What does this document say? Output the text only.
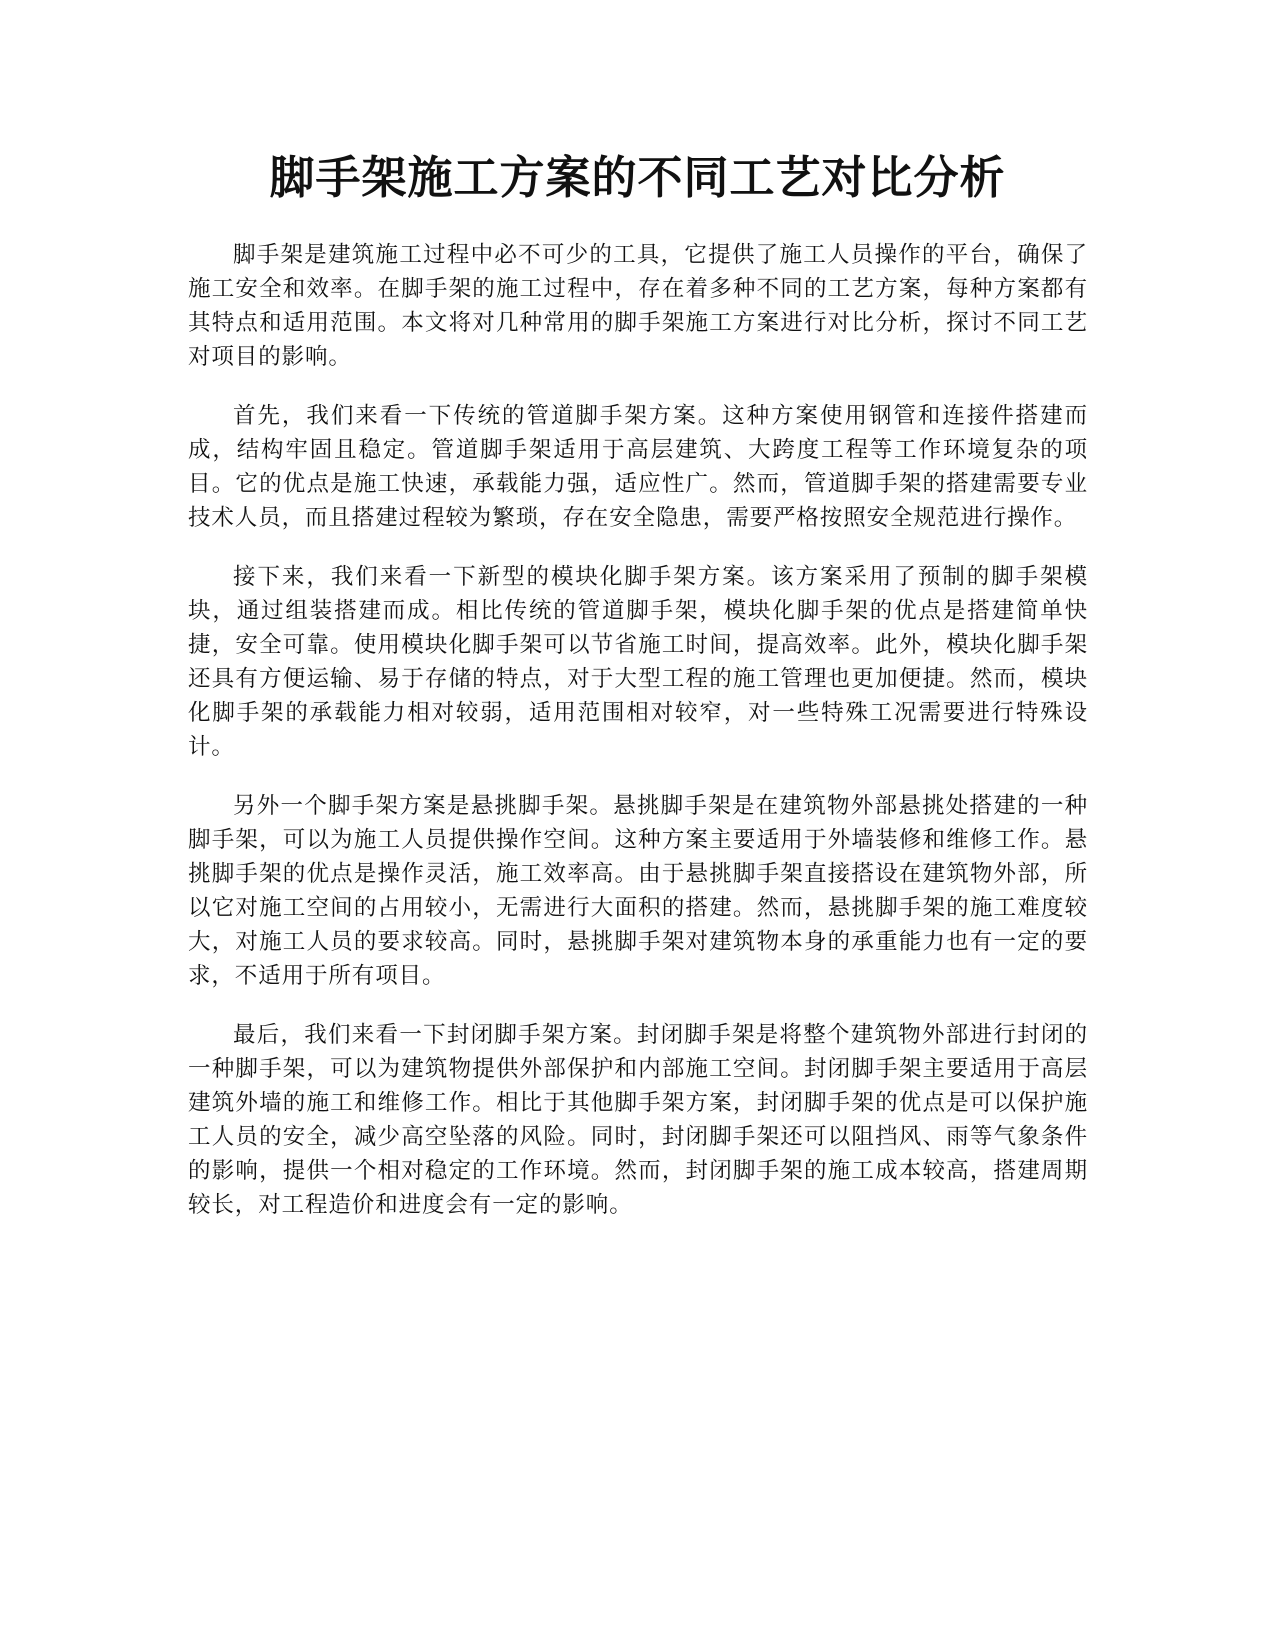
脚手架施工方案的不同工艺对比分析

脚手架是建筑施工过程中必不可少的工具，它提供了施工人员操作的平台，确保了施工安全和效率。在脚手架的施工过程中，存在着多种不同的工艺方案，每种方案都有其特点和适用范围。本文将对几种常用的脚手架施工方案进行对比分析，探讨不同工艺对项目的影响。

首先，我们来看一下传统的管道脚手架方案。这种方案使用钢管和连接件搭建而成，结构牢固且稳定。管道脚手架适用于高层建筑、大跨度工程等工作环境复杂的项目。它的优点是施工快速，承载能力强，适应性广。然而，管道脚手架的搭建需要专业技术人员，而且搭建过程较为繁琐，存在安全隐患，需要严格按照安全规范进行操作。

接下来，我们来看一下新型的模块化脚手架方案。该方案采用了预制的脚手架模块，通过组装搭建而成。相比传统的管道脚手架，模块化脚手架的优点是搭建简单快捷，安全可靠。使用模块化脚手架可以节省施工时间，提高效率。此外，模块化脚手架还具有方便运输、易于存储的特点，对于大型工程的施工管理也更加便捷。然而，模块化脚手架的承载能力相对较弱，适用范围相对较窄，对一些特殊工况需要进行特殊设计。

另外一个脚手架方案是悬挑脚手架。悬挑脚手架是在建筑物外部悬挑处搭建的一种脚手架，可以为施工人员提供操作空间。这种方案主要适用于外墙装修和维修工作。悬挑脚手架的优点是操作灵活，施工效率高。由于悬挑脚手架直接搭设在建筑物外部，所以它对施工空间的占用较小，无需进行大面积的搭建。然而，悬挑脚手架的施工难度较大，对施工人员的要求较高。同时，悬挑脚手架对建筑物本身的承重能力也有一定的要求，不适用于所有项目。

最后，我们来看一下封闭脚手架方案。封闭脚手架是将整个建筑物外部进行封闭的一种脚手架，可以为建筑物提供外部保护和内部施工空间。封闭脚手架主要适用于高层建筑外墙的施工和维修工作。相比于其他脚手架方案，封闭脚手架的优点是可以保护施工人员的安全，减少高空坠落的风险。同时，封闭脚手架还可以阻挡风、雨等气象条件的影响，提供一个相对稳定的工作环境。然而，封闭脚手架的施工成本较高，搭建周期较长，对工程造价和进度会有一定的影响。
